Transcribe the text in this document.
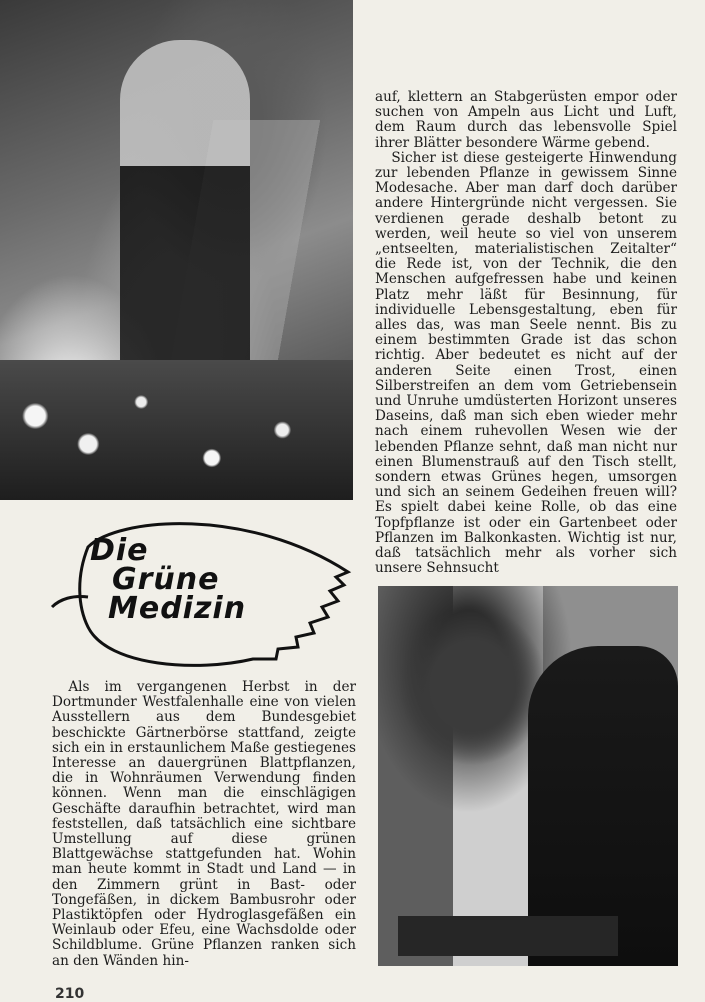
Die
Grüne
Medizin

auf, klettern an Stabgerüsten empor oder suchen von Ampeln aus Licht und Luft, dem Raum durch das lebensvolle Spiel ihrer Blätter besondere Wärme gebend.

Sicher ist diese gesteigerte Hinwendung zur lebenden Pflanze in gewissem Sinne Modesache. Aber man darf doch darüber andere Hintergründe nicht vergessen. Sie verdienen gerade deshalb betont zu werden, weil heute so viel von unserem „entseelten, materialistischen Zeitalter“ die Rede ist, von der Technik, die den Menschen aufgefressen habe und keinen Platz mehr läßt für Besinnung, für individuelle Lebensgestaltung, eben für alles das, was man Seele nennt. Bis zu einem bestimmten Grade ist das schon richtig. Aber bedeutet es nicht auf der anderen Seite einen Trost, einen Silberstreifen an dem vom Getriebensein und Unruhe umdüsterten Horizont unseres Daseins, daß man sich eben wieder mehr nach einem ruhevollen Wesen wie der lebenden Pflanze sehnt, daß man nicht nur einen Blumenstrauß auf den Tisch stellt, sondern etwas Grünes hegen, umsorgen und sich an seinem Gedeihen freuen will? Es spielt dabei keine Rolle, ob das eine Topfpflanze ist oder ein Gartenbeet oder Pflanzen im Balkonkasten. Wichtig ist nur, daß tatsächlich mehr als vorher sich unsere Sehnsucht

Als im vergangenen Herbst in der Dortmunder Westfalenhalle eine von vielen Ausstellern aus dem Bundesgebiet beschickte Gärtnerbörse stattfand, zeigte sich ein in erstaunlichem Maße gestiegenes Interesse an dauergrünen Blattpflanzen, die in Wohnräumen Verwendung finden können. Wenn man die einschlägigen Geschäfte daraufhin betrachtet, wird man feststellen, daß tatsächlich eine sichtbare Umstellung auf diese grünen Blattgewächse stattgefunden hat. Wohin man heute kommt in Stadt und Land — in den Zimmern grünt in Bast- oder Tongefäßen, in dickem Bambusrohr oder Plastiktöpfen oder Hydroglasgefäßen ein Weinlaub oder Efeu, eine Wachsdolde oder Schildblume. Grüne Pflanzen ranken sich an den Wänden hin-

210
